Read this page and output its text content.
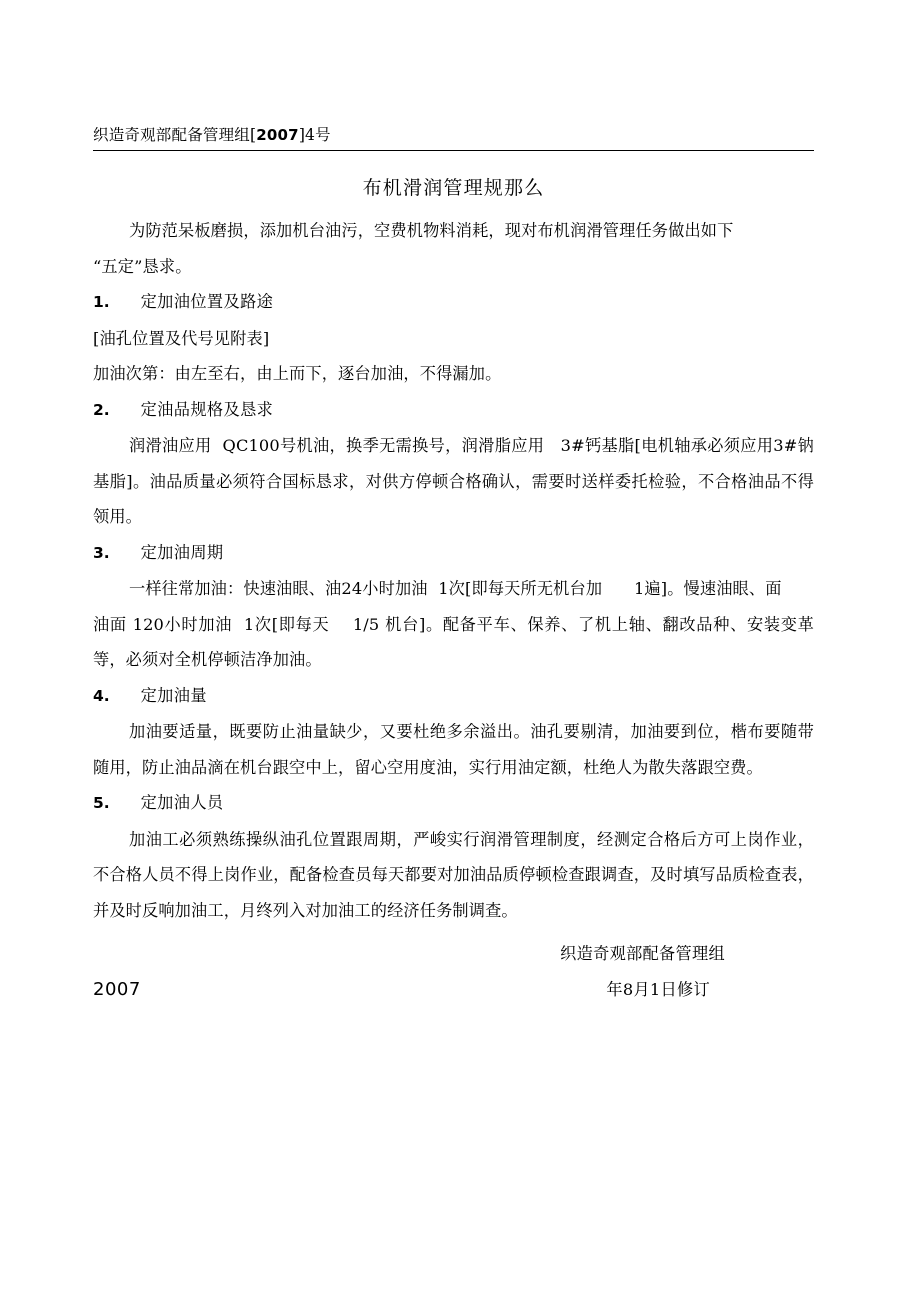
织造奇观部配备管理组[2007]4号
布机滑润管理规那么
为防范呆板磨损，添加机台油污，空费机物料消耗，现对布机润滑管理任务做出如下
“五定”恳求。
1. 定加油位置及路途
[油孔位置及代号见附表]
加油次第：由左至右，由上而下，逐台加油，不得漏加。
2. 定油品规格及恳求
润滑油应用  QC100号机油，换季无需换号，润滑脂应用   3#钙基脂[电机轴承必须应用3#钠基脂]。油品质量必须符合国标恳求，对供方停顿合格确认，需要时送样委托检验，不合格油品不得领用。
3. 定加油周期
一样往常加油：快速油眼、油24小时加油  1次[即每天所无机台加      1遍]。慢速油眼、面
油面 120小时加油  1次[即每天    1/5 机台]。配备平车、保养、了机上轴、翻改品种、安装变革等，必须对全机停顿洁净加油。
4. 定加油量
加油要适量，既要防止油量缺少，又要杜绝多余溢出。油孔要剔清，加油要到位，楷布要随带随用，防止油品滴在机台跟空中上，留心空用度油，实行用油定额，杜绝人为散失落跟空费。
5. 定加油人员
加油工必须熟练操纵油孔位置跟周期，严峻实行润滑管理制度，经测定合格后方可上岗作业，不合格人员不得上岗作业，配备检查员每天都要对加油品质停顿检查跟调查，及时填写品质检查表，并及时反响加油工，月终列入对加油工的经济任务制调查。
织造奇观部配备管理组
2007	年8月1日修订
